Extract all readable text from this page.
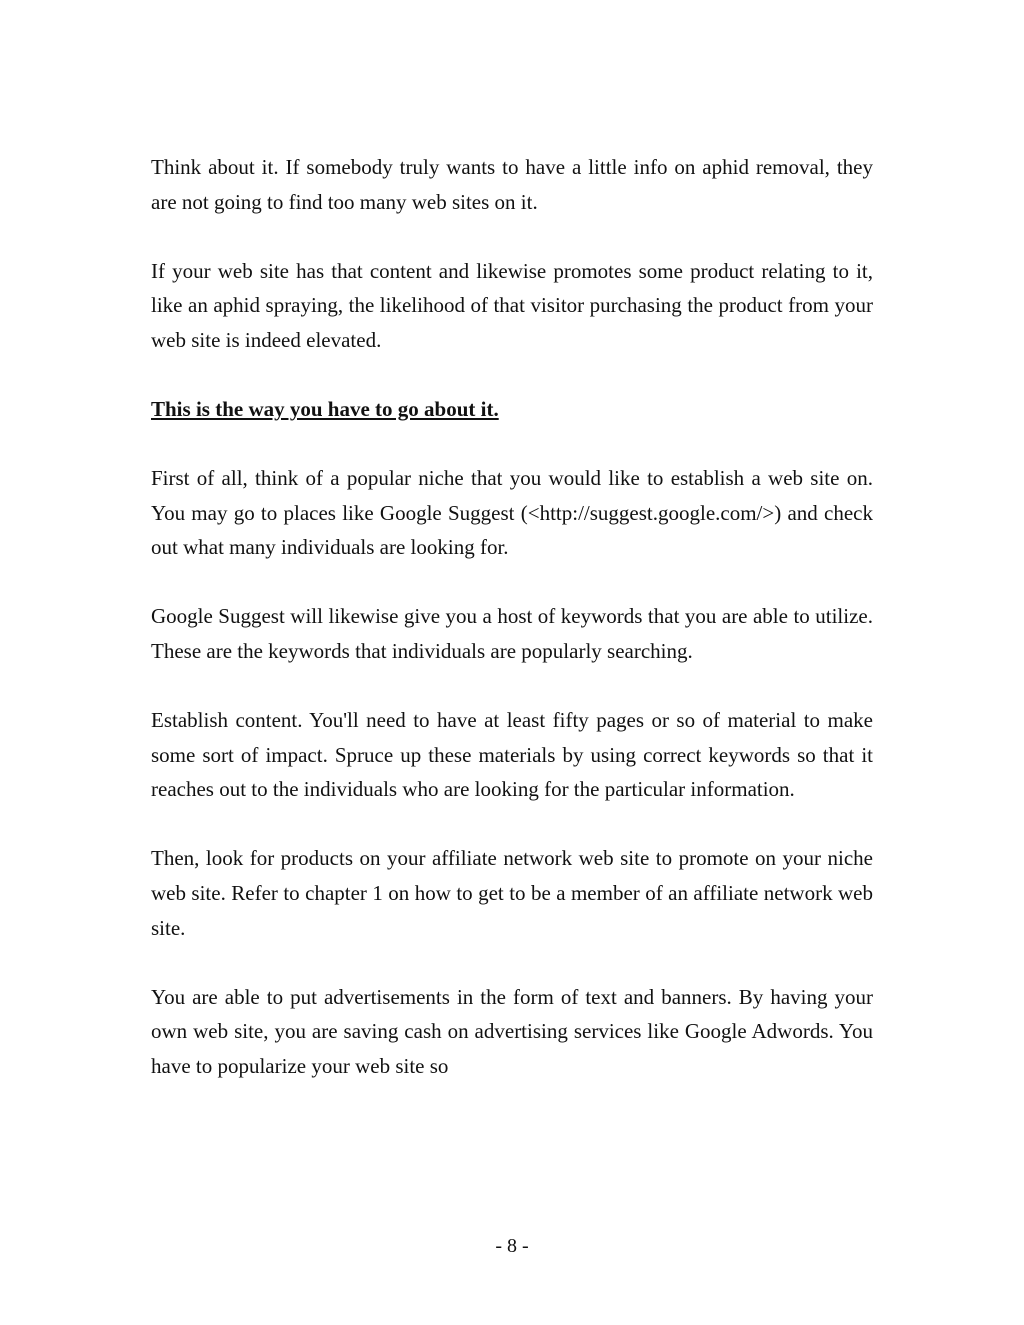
Think about it. If somebody truly wants to have a little info on aphid removal, they are not going to find too many web sites on it.

If your web site has that content and likewise promotes some product relating to it, like an aphid spraying, the likelihood of that visitor purchasing the product from your web site is indeed elevated.

This is the way you have to go about it.

First of all, think of a popular niche that you would like to establish a web site on. You may go to places like Google Suggest (<http://suggest.google.com/>) and check out what many individuals are looking for.

Google Suggest will likewise give you a host of keywords that you are able to utilize. These are the keywords that individuals are popularly searching.

Establish content. You'll need to have at least fifty pages or so of material to make some sort of impact. Spruce up these materials by using correct keywords so that it reaches out to the individuals who are looking for the particular information.

Then, look for products on your affiliate network web site to promote on your niche web site. Refer to chapter 1 on how to get to be a member of an affiliate network web site.

You are able to put advertisements in the form of text and banners. By having your own web site, you are saving cash on advertising services like Google Adwords. You have to popularize your web site so

- 8 -
